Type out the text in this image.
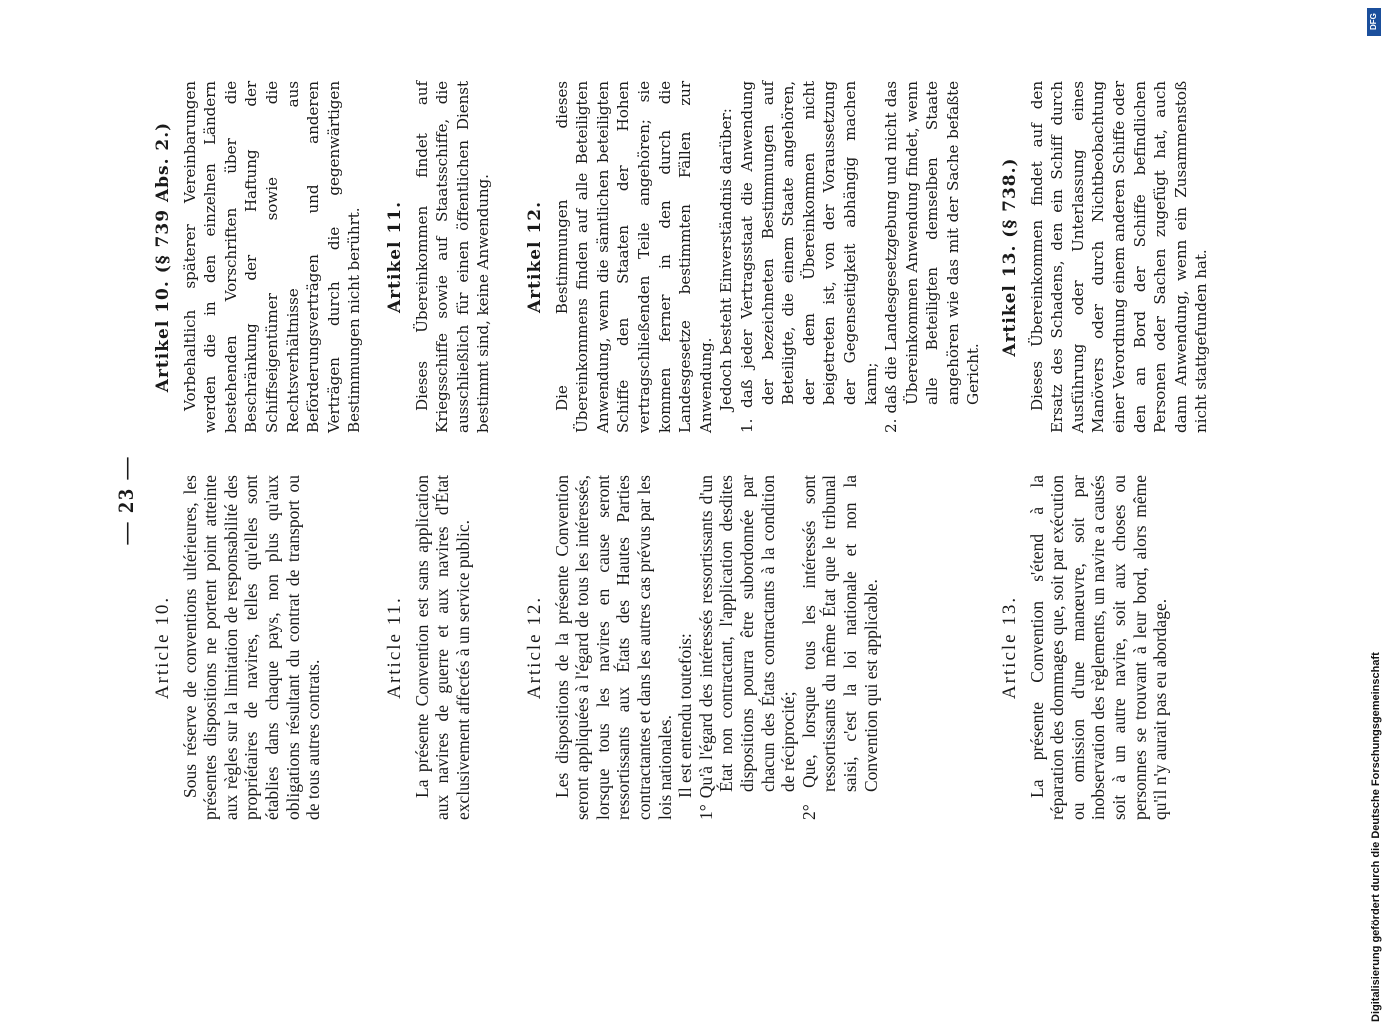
— 23 —
Article 10. Sous réserve de conventions ultérieures, les présentes dispositions ne portent point atteinte aux règles sur la limitation de responsabilité des propriétaires de navires, telles qu'elles sont établies dans chaque pays, non plus qu'aux obligations résultant du contrat de transport ou de tous autres contrats.

Article 11. La présente Convention est sans application aux navires de guerre et aux navires d'État exclusivement affectés à un service public.	Article 12. Les dispositions de la présente Convention seront appliquées à l'égard de tous les intéressés, lorsque tous les navires en cause seront ressortissants aux États des Hautes Parties contractantes et dans les autres cas prévus par les lois nationales. Il est entendu toutefois: 1° Qu'à l'égard des intéressés ressortissants d'un État non contractant, l'application desdites dispositions pourra être subordonnée par chacun des États contractants à la condition de réciprocité; 2° Que, lorsque tous les intéressés sont ressortissants du même État que le tribunal saisi, c'est la loi nationale et non la Convention qui est applicable.	Article 13. La présente Convention s'étend à la réparation des dommages que, soit par exécution ou omission d'une manœuvre, soit par inobservation des règlements, un navire a causés soit à un autre navire, soit aux choses ou personnes se trouvant à leur bord, alors même qu'il n'y aurait pas eu abordage.

Artikel 10. (§ 739 Abs. 2.) Vorbehaltlich späterer Vereinbarungen werden die in den einzelnen Ländern bestehenden Vorschriften über die Beschränkung der Haftung der Schiffseigentümer sowie die Rechtsverhältnisse aus Beförderungsverträgen und anderen Verträgen durch die gegenwärtigen Bestimmungen nicht berührt. Artikel 11. Dieses Übereinkommen findet auf Kriegsschiffe sowie auf Staatsschiffe, die ausschließlich für einen öffentlichen Dienst bestimmt sind, keine Anwendung. Artikel 12. Die Bestimmungen dieses Übereinkommens finden auf alle Beteiligten Anwendung, wenn die sämtlichen beteiligten Schiffe den Staaten der Hohen vertragschließenden Teile angehören; sie kommen ferner in den durch die Landesgesetze bestimmten Fällen zur Anwendung. Jedoch besteht Einverständnis darüber: 1. daß jeder Vertragsstaat die Anwendung der bezeichneten Bestimmungen auf Beteiligte, die einem Staate angehören, der dem Übereinkommen nicht beigetreten ist, von der Voraussetzung der Gegenseitigkeit abhängig machen kann; 2. daß die Landesgesetzgebung und nicht das Übereinkommen Anwendung findet, wenn alle Beteiligten demselben Staate angehören wie das mit der Sache befaßte Gericht.

Artikel 13. (§ 738.) Dieses Übereinkommen findet auf den Ersatz des Schadens, den ein Schiff durch Ausführung oder Unterlassung eines Manövers oder durch Nichtbeobachtung einer Verordnung einem anderen Schiffe oder den an Bord der Schiffe befindlichen Personen oder Sachen zugefügt hat, auch dann Anwendung, wenn ein Zusammenstoß nicht stattgefunden hat.

DFG
Digitalisierung gefördert durch die Deutsche Forschungsgemeinschaft
